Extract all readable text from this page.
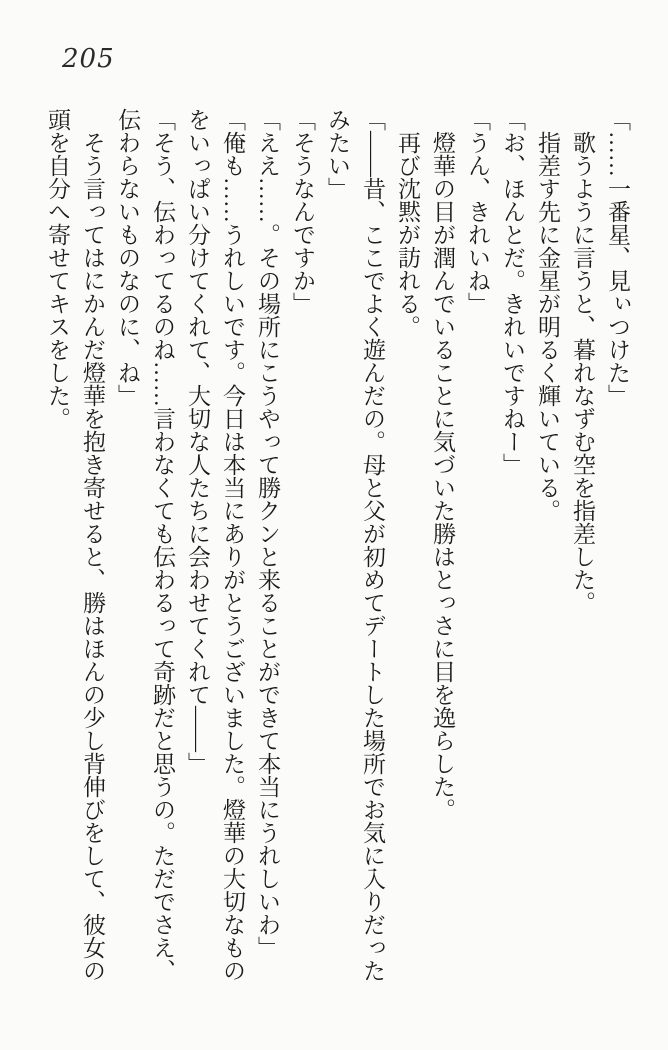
205
「……一番星、見ぃつけた」
歌うように言うと、暮れなずむ空を指差した。
指差す先に金星が明るく輝いている。
「お、ほんとだ。きれいですねー」
「うん、きれいね」
燈華の目が潤んでいることに気づいた勝はとっさに目を逸らした。
再び沈黙が訪れる。
「――昔、ここでよく遊んだの。母と父が初めてデートした場所でお気に入りだった
みたい」
「そうなんですか」
「ええ……。その場所にこうやって勝クンと来ることができて本当にうれしいわ」
「俺も……うれしいです。今日は本当にありがとうございました。燈華の大切なもの
をいっぱい分けてくれて、大切な人たちに会わせてくれて――」
「そう、伝わってるのね……言わなくても伝わるって奇跡だと思うの。ただでさえ、
伝わらないものなのに、ね」
そう言ってはにかんだ燈華を抱き寄せると、勝はほんの少し背伸びをして、彼女の
頭を自分へ寄せてキスをした。
